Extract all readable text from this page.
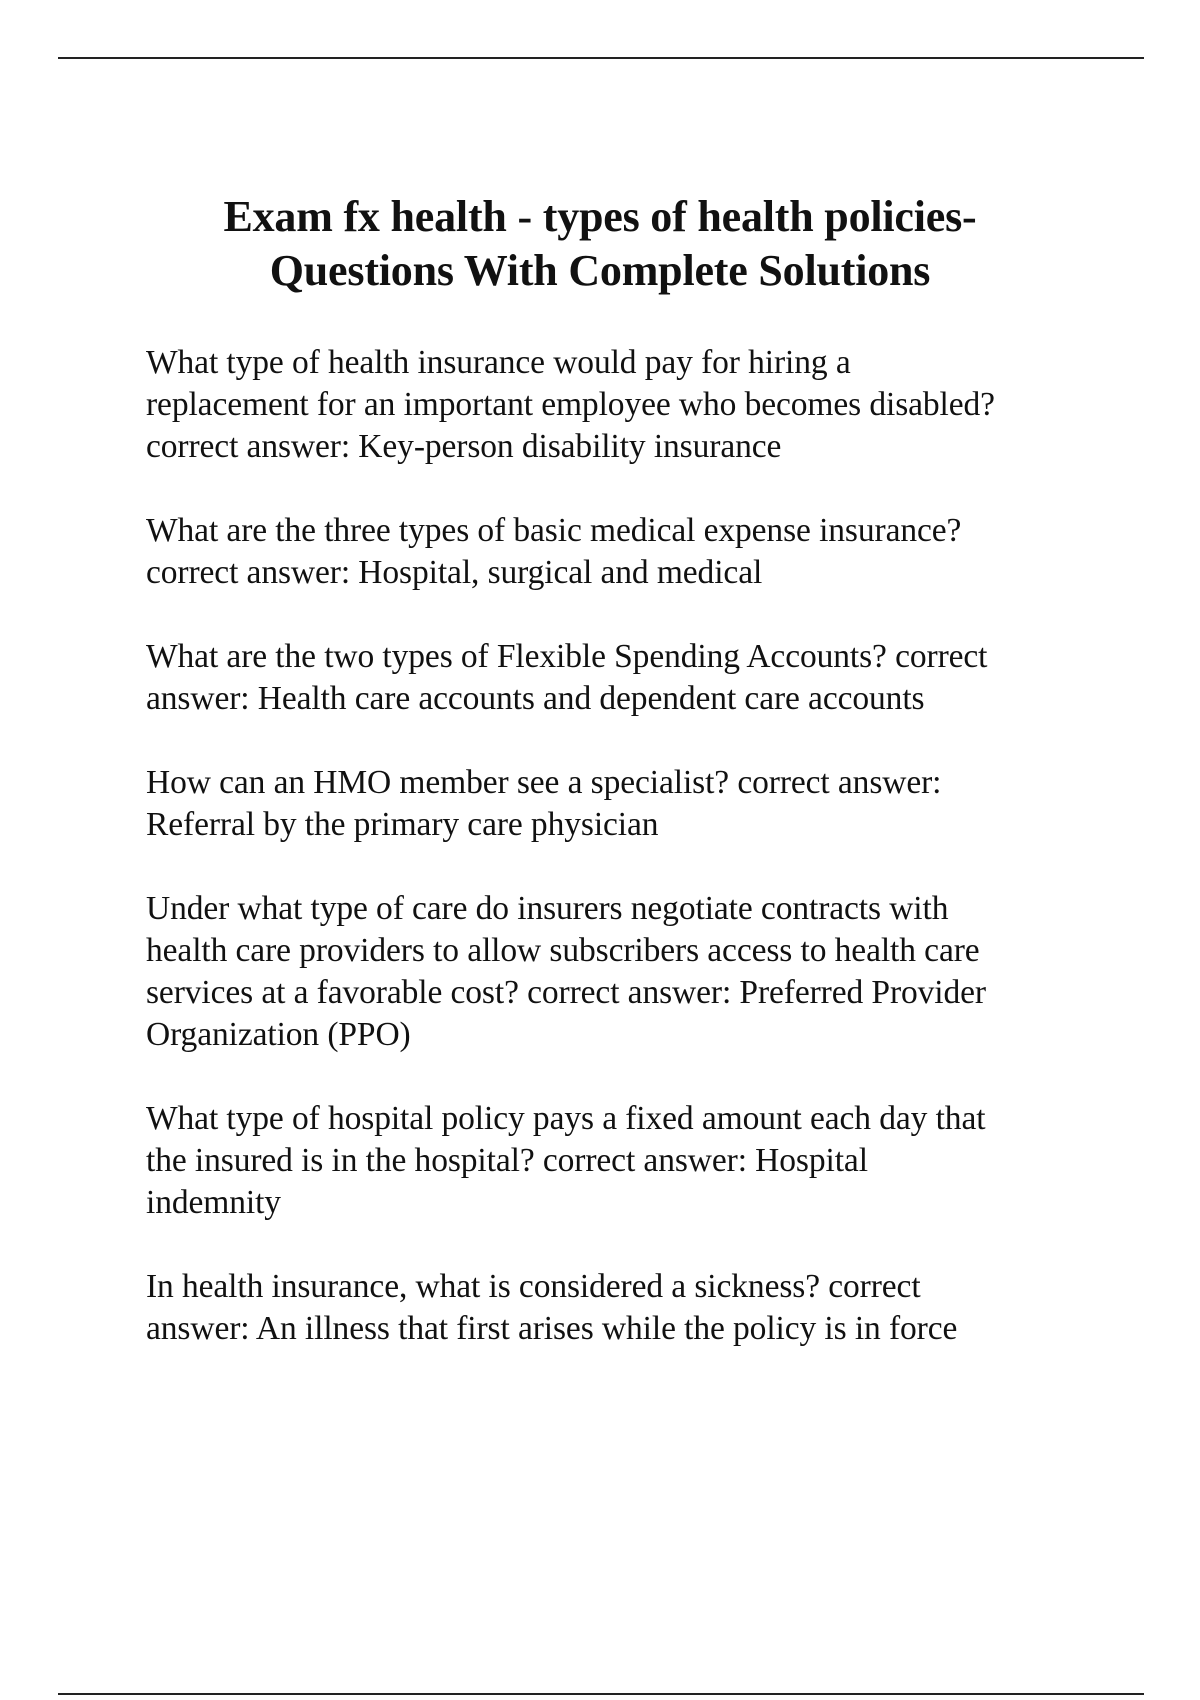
Exam fx health - types of health policies-
Questions With Complete Solutions
What type of health insurance would pay for hiring a
replacement for an important employee who becomes disabled?
correct answer: Key-person disability insurance
What are the three types of basic medical expense insurance?
correct answer: Hospital, surgical and medical
What are the two types of Flexible Spending Accounts? correct
answer: Health care accounts and dependent care accounts
How can an HMO member see a specialist? correct answer:
Referral by the primary care physician
Under what type of care do insurers negotiate contracts with
health care providers to allow subscribers access to health care
services at a favorable cost? correct answer: Preferred Provider
Organization (PPO)
What type of hospital policy pays a fixed amount each day that
the insured is in the hospital? correct answer: Hospital
indemnity
In health insurance, what is considered a sickness? correct
answer: An illness that first arises while the policy is in force
